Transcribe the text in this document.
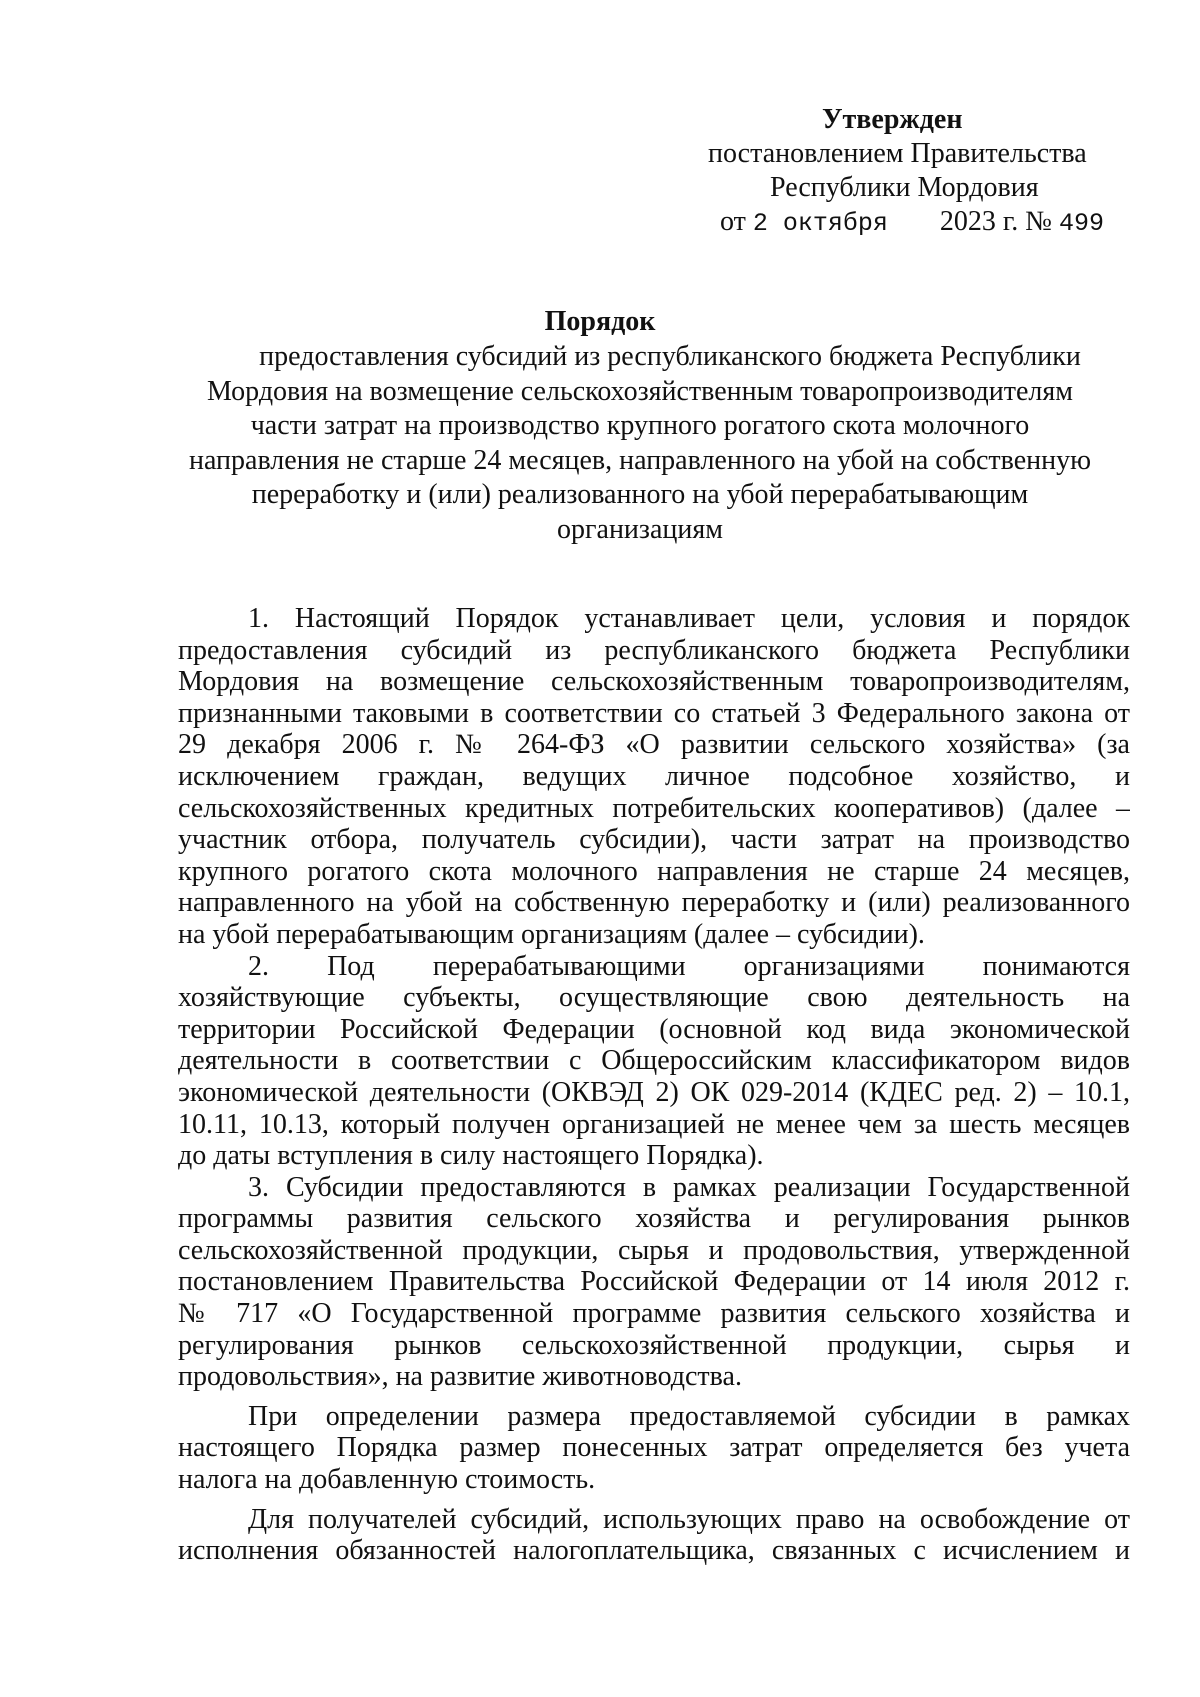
Утвержден
постановлением Правительства
Республики Мордовия
от 2 октября 2023 г. № 499
Порядок
предоставления субсидий из республиканского бюджета Республики
Мордовия на возмещение сельскохозяйственным товаропроизводителям
части затрат на производство крупного рогатого скота молочного
направления не старше 24 месяцев, направленного на убой на собственную
переработку и (или) реализованного на убой перерабатывающим
организациям
1. Настоящий Порядок устанавливает цели, условия и порядок
предоставления субсидий из республиканского бюджета Республики
Мордовия на возмещение сельскохозяйственным товаропроизводителям,
признанными таковыми в соответствии со статьей 3 Федерального закона от
29 декабря 2006 г. № 264-ФЗ «О развитии сельского хозяйства» (за
исключением граждан, ведущих личное подсобное хозяйство, и
сельскохозяйственных кредитных потребительских кооперативов) (далее –
участник отбора, получатель субсидии), части затрат на производство
крупного рогатого скота молочного направления не старше 24 месяцев,
направленного на убой на собственную переработку и (или) реализованного
на убой перерабатывающим организациям (далее – субсидии).
2. Под перерабатывающими организациями понимаются
хозяйствующие субъекты, осуществляющие свою деятельность на
территории Российской Федерации (основной код вида экономической
деятельности в соответствии с Общероссийским классификатором видов
экономической деятельности (ОКВЭД 2) ОК 029-2014 (КДЕС ред. 2) – 10.1,
10.11, 10.13, который получен организацией не менее чем за шесть месяцев
до даты вступления в силу настоящего Порядка).
3. Субсидии предоставляются в рамках реализации Государственной
программы развития сельского хозяйства и регулирования рынков
сельскохозяйственной продукции, сырья и продовольствия, утвержденной
постановлением Правительства Российской Федерации от 14 июля 2012 г.
№ 717 «О Государственной программе развития сельского хозяйства и
регулирования рынков сельскохозяйственной продукции, сырья и
продовольствия», на развитие животноводства.
При определении размера предоставляемой субсидии в рамках
настоящего Порядка размер понесенных затрат определяется без учета
налога на добавленную стоимость.
Для получателей субсидий, использующих право на освобождение от
исполнения обязанностей налогоплательщика, связанных с исчислением и
